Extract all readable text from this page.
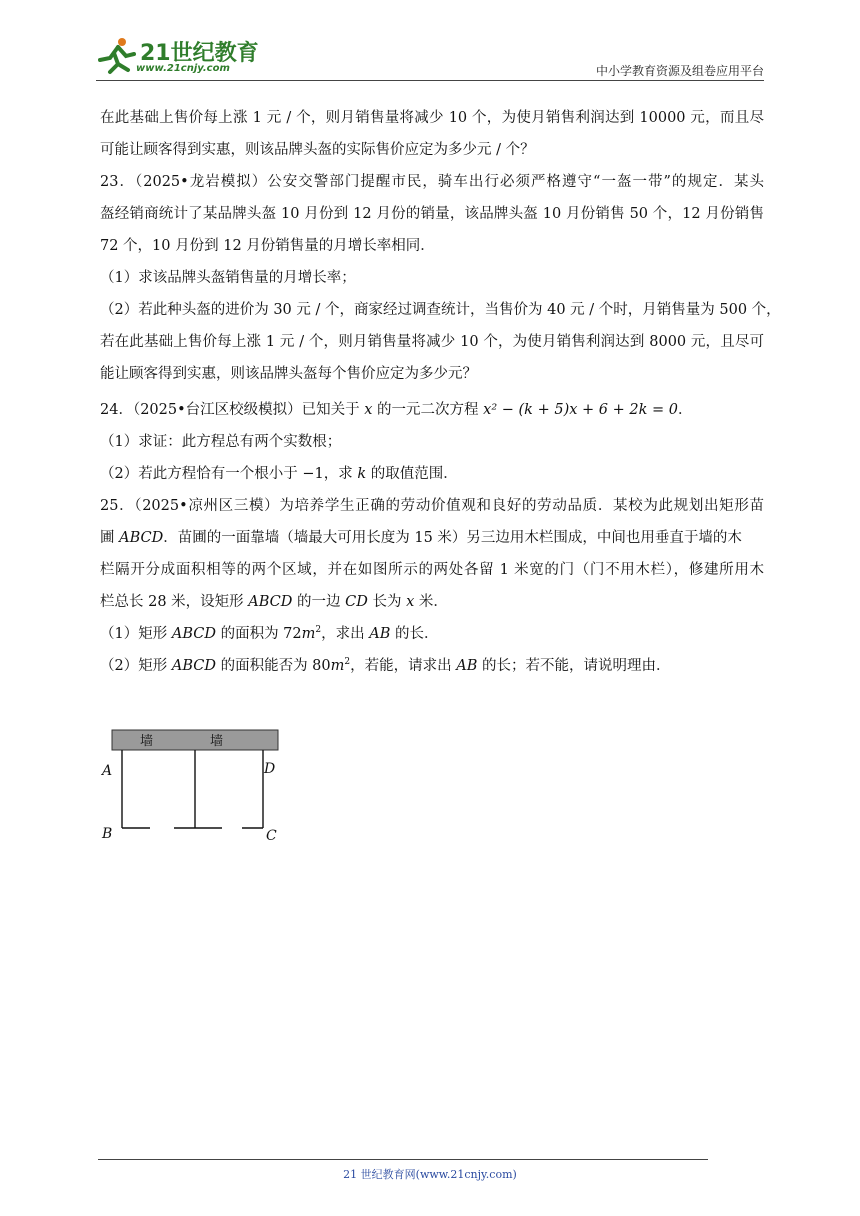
21世纪教育
www.21cnjy.com	中小学教育资源及组卷应用平台
在此基础上售价每上涨 1 元 / 个，则月销售量将减少 10 个，为使月销售利润达到 10000 元，而且尽
可能让顾客得到实惠，则该品牌头盔的实际售价应定为多少元 / 个？
23．（2025•龙岩模拟）公安交警部门提醒市民，骑车出行必须严格遵守“一盔一带”的规定．某头
盔经销商统计了某品牌头盔 10 月份到 12 月份的销量，该品牌头盔 10 月份销售 50 个，12 月份销售
72 个，10 月份到 12 月份销售量的月增长率相同．
（1）求该品牌头盔销售量的月增长率；
（2）若此种头盔的进价为 30 元 / 个，商家经过调查统计，当售价为 40 元 / 个时，月销售量为 500 个，
若在此基础上售价每上涨 1 元 / 个，则月销售量将减少 10 个，为使月销售利润达到 8000 元，且尽可
能让顾客得到实惠，则该品牌头盔每个售价应定为多少元？
24．（2025•台江区校级模拟）已知关于 x 的一元二次方程 x² − (k + 5)x + 6 + 2k = 0．
（1）求证：此方程总有两个实数根；
（2）若此方程恰有一个根小于 −1，求 k 的取值范围．
25．（2025•凉州区三模）为培养学生正确的劳动价值观和良好的劳动品质．某校为此规划出矩形苗
圃 ABCD．苗圃的一面靠墙（墙最大可用长度为 15 米）另三边用木栏围成，中间也用垂直于墙的木
栏隔开分成面积相等的两个区域，并在如图所示的两处各留 1 米宽的门（门不用木栏），修建所用木
栏总长 28 米，设矩形 ABCD 的一边 CD 长为 x 米．
（1）矩形 ABCD 的面积为 $72m^2$，求出 AB 的长．
（2）矩形 ABCD 的面积能否为 $80m^2$，若能，请求出 AB 的长；若不能，请说明理由．
墙	墙
A	D
B	C
21 世纪教育网(www.21cnjy.com)
